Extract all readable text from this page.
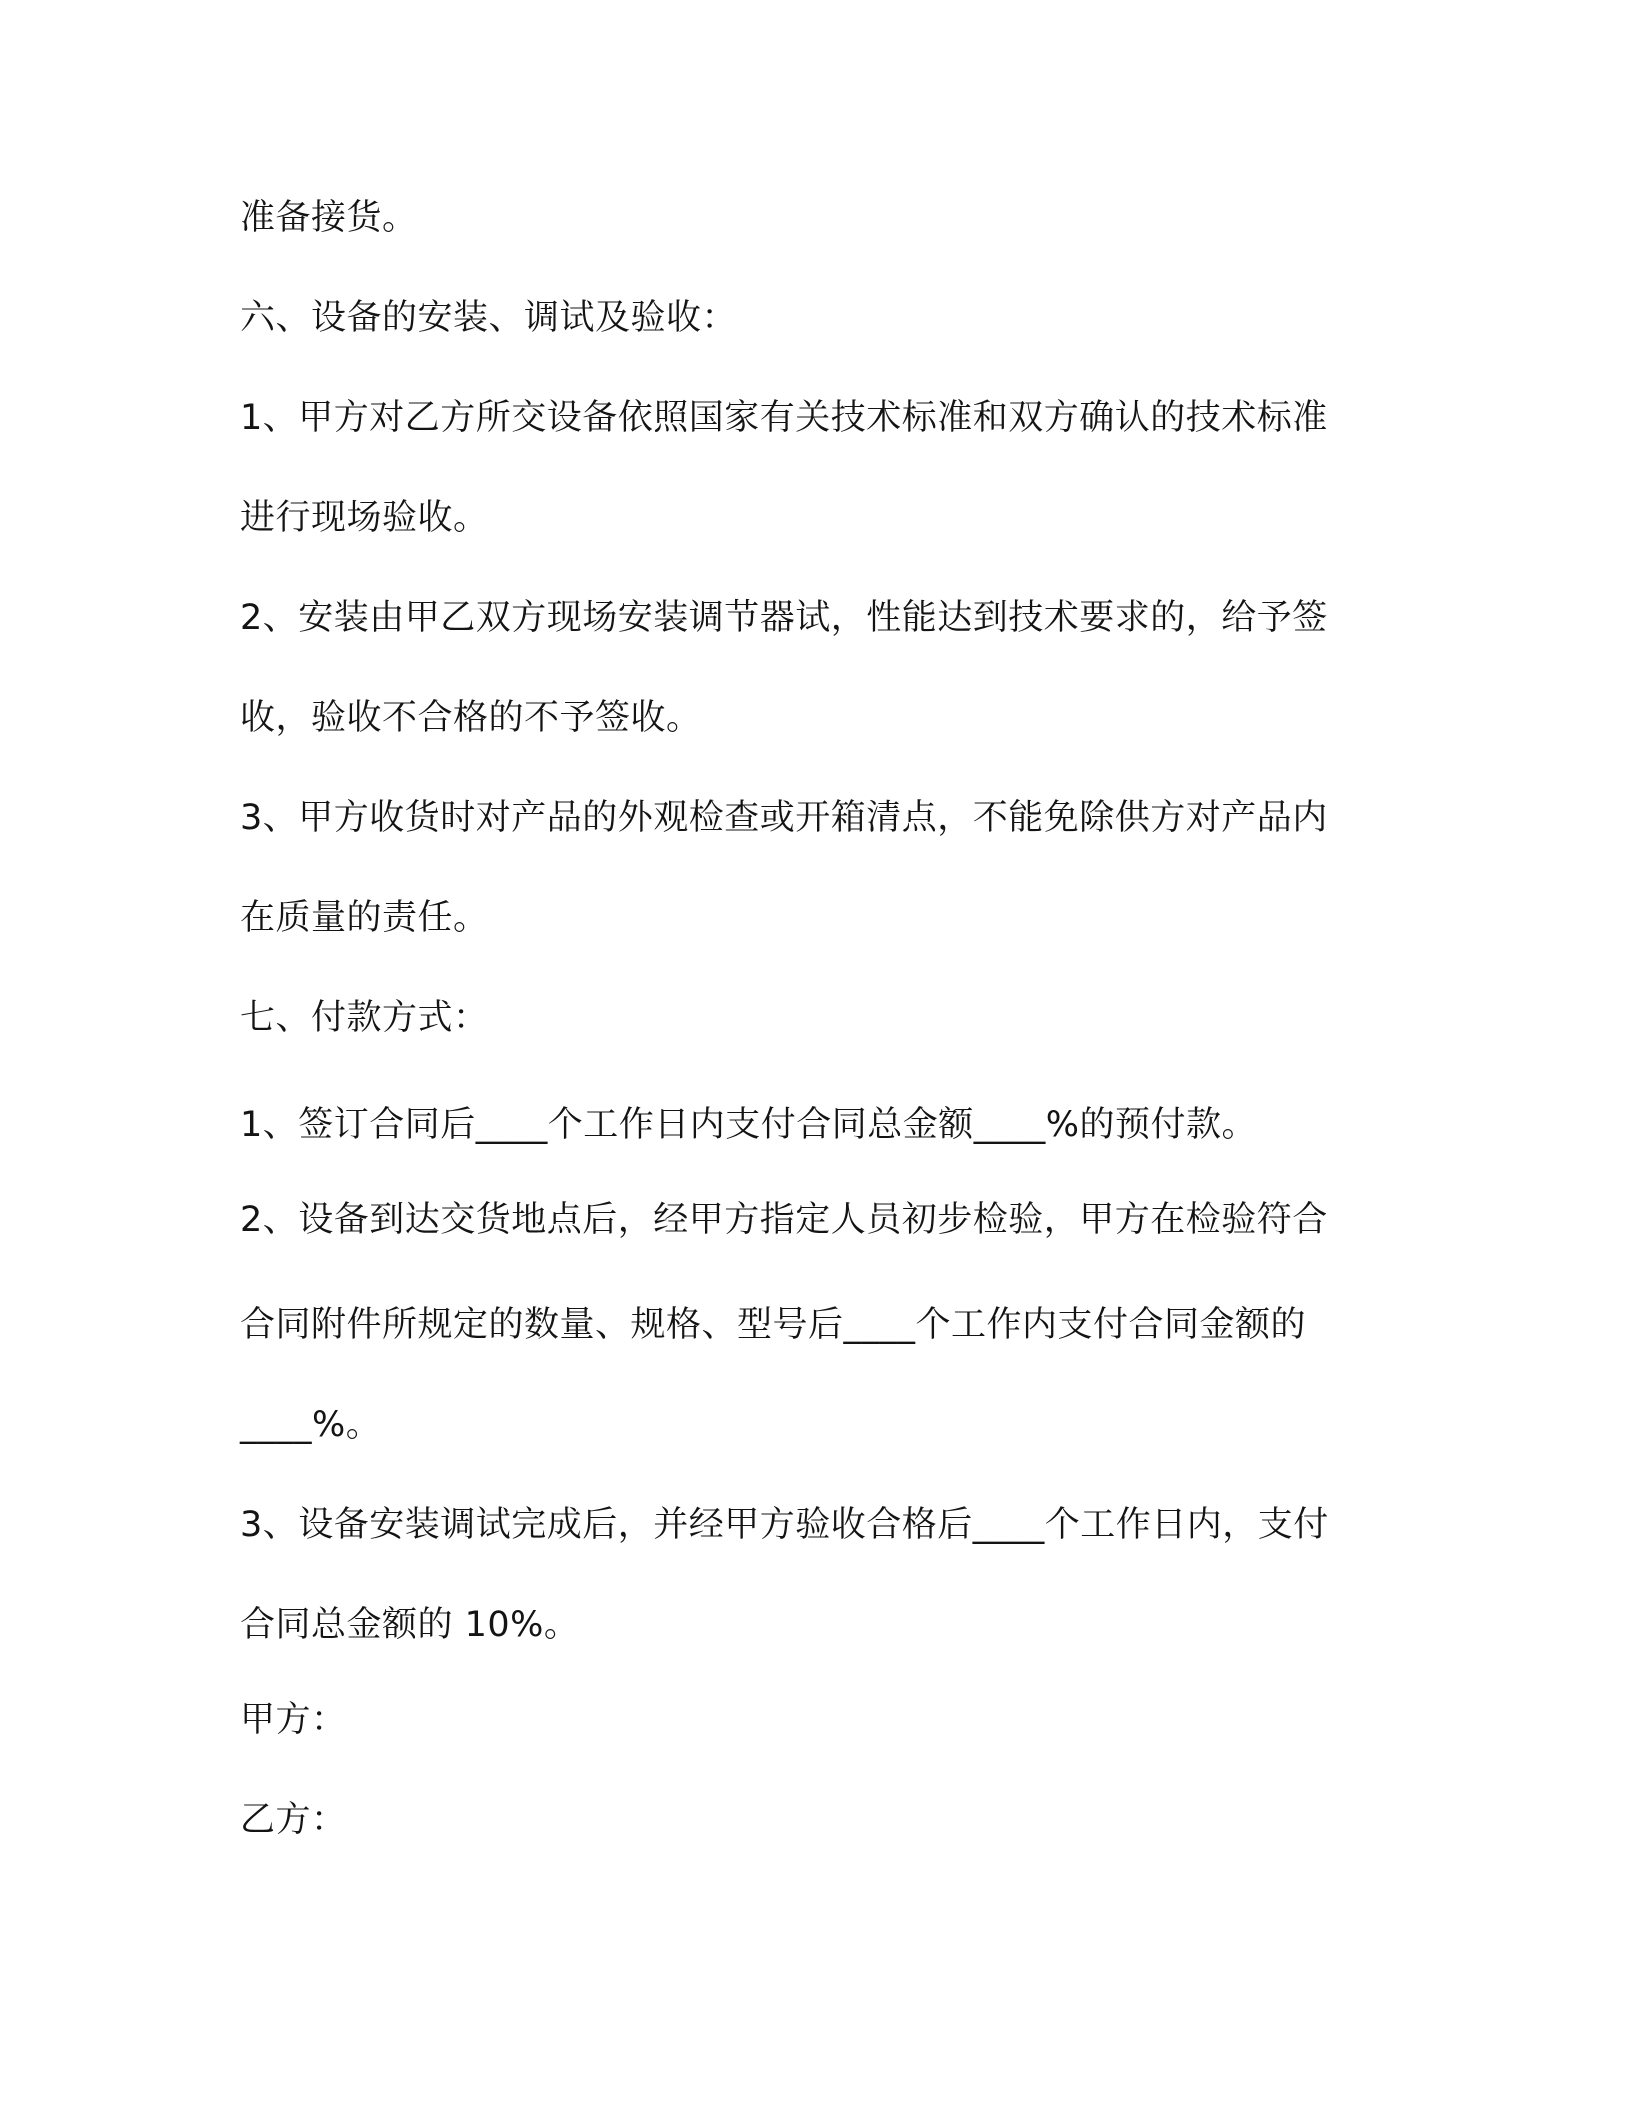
准备接货。
六、设备的安装、调试及验收：
1、甲方对乙方所交设备依照国家有关技术标准和双方确认的技术标准
进行现场验收。
2、安装由甲乙双方现场安装调节器试，性能达到技术要求的，给予签
收，验收不合格的不予签收。
3、甲方收货时对产品的外观检查或开箱清点，不能免除供方对产品内
在质量的责任。
七、付款方式：
1、签订合同后____个工作日内支付合同总金额____%的预付款。
2、设备到达交货地点后，经甲方指定人员初步检验，甲方在检验符合
合同附件所规定的数量、规格、型号后____个工作内支付合同金额的
____%。
3、设备安装调试完成后，并经甲方验收合格后____个工作日内，支付
合同总金额的 10%。
甲方：
乙方：
